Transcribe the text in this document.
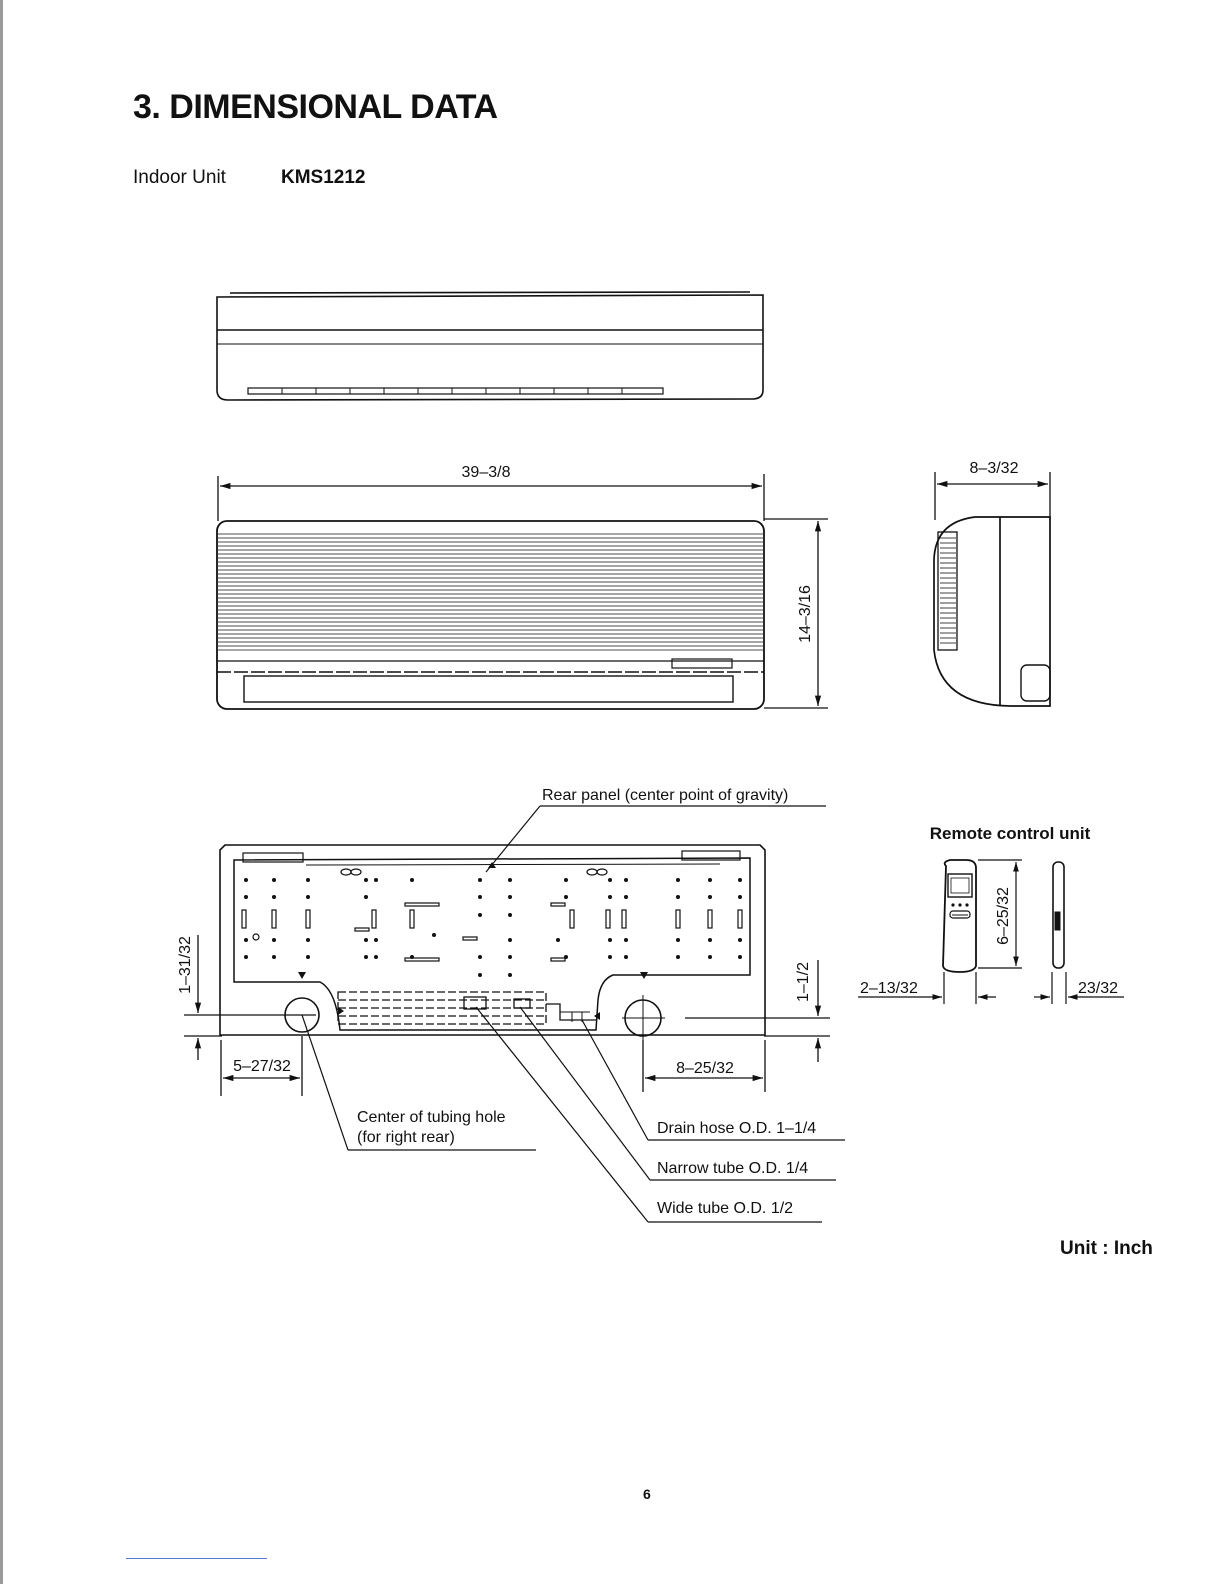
3. DIMENSIONAL DATA
Indoor Unit	KMS1212
39–3/8
14–3/16
8–3/32
1–31/32	1–1/2
5–27/32	8–25/32
Rear panel (center point of gravity)
Center of tubing hole
(for right rear)
Drain hose O.D. 1–1/4
Narrow tube O.D. 1/4
Wide tube O.D. 1/2
Remote control unit
6–25/32
2–13/32	23/32
Unit : Inch
6
